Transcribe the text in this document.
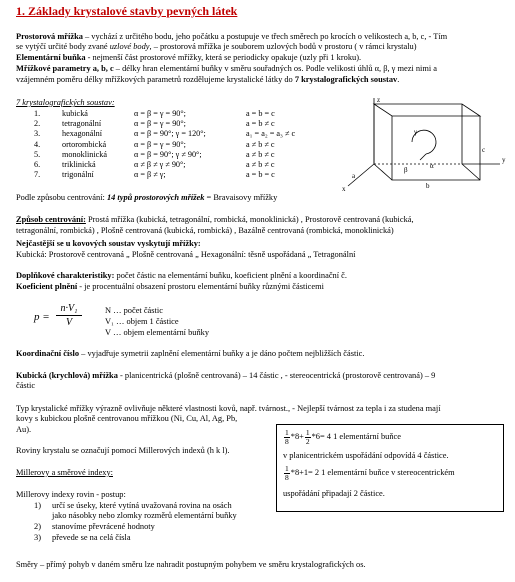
1. Základy krystalové stavby pevných látek
Prostorová mřížka – vychází z určitého bodu, jeho počátku a postupuje ve třech směrech po krocích o velikostech a, b, c, - Tím
se vytýčí určité body zvané uzlové body, – prostorová mřížka je souborem uzlových bodů v prostoru ( v rámci krystalu)
Elementární buňka - nejmenší část prostorové mřížky, která se periodicky opakuje (uzly při 1 kroku).
Mřížkové parametry a, b, c – délky hran elementární buňky v směru souřadných os. Podle velikosti úhlů α, β, γ mezi nimi a
vzájemném poměru délky mřížkových parametrů rozdělujeme krystalické látky do 7 krystalografických soustav.
7 krystalografických soustav:
1.	kubická	α = β = γ = 90°;	a = b = c
2.	tetragonální	α = β = γ = 90°;	a = b ≠ c
3.	hexagonální	α = β = 90°; γ = 120°;	a₁ = a₂ = a₃ ≠ c
4.	ortorombická	α = β = γ = 90°;	a ≠ b ≠ c
5.	monoklinická	α = β = 90°; γ ≠ 90°;	a ≠ b ≠ c
6.	triklinická	α ≠ β ≠ γ ≠ 90°;	a ≠ b ≠ c
7.	trigonální	α = β ≠ γ;	a = b = c
γ
α
β
c
b
a
x
y
z
Podle způsobu centrování: 14 typů prostorových mřížek = Bravaisovy mřížky
Způsob centrování: Prostá mřížka (kubická, tetragonální, rombická, monoklinická) , Prostorově centrovaná (kubická,
tetragonální, rombická) , Plošně centrovaná (kubická, rombická) , Bazálně centrovaná (rombická, monoklinická)
Nejčastější se u kovových soustav vyskytují mřížky:
Kubická: Prostorově centrovaná „ Plošně centrovaná „ Hexagonální: těsně uspořádaná „ Tetragonální
Doplňkové charakteristiky: počet částic na elementární buňku, koeficient plnění a koordinační č.
Koeficient plnění - je procentuální obsazení prostoru elementární buňky různými částicemi
p =
n·V₁
V
N … počet částic
V₁ … objem 1 částice
V … objem elementární buňky
Koordinační číslo – vyjadřuje symetrii zaplnění elementární buňky a je dáno počtem nejbližších částic.
Kubická (krychlová) mřížka - planicentrická (plošně centrovaná) – 14 částic , - stereocentrická (prostorově centrovaná) – 9
částic
Typ krystalické mřížky výrazně ovlivňuje některé vlastnosti kovů, např. tvárnost., - Nejlepší tvárnost za tepla i za studena mají
kovy s kubickou plošně centrovanou mřížkou (Ni, Cu, Al, Ag, Pb,
Au).	$\frac{1}{8} *8+ \frac{1}{2} *6= 4$ 1 elementární buňce
v planicentrickém uspořádání odpovídá 4 částice.
$\frac{1}{8} *8+1= 2$ 1 elementární buňce v stereocentrickém
uspořádání připadají 2 částice.
Roviny krystalu se označují pomocí Millerových indexů (h k l).
Millerovy a směrové indexy:
Millerovy indexy rovin - postup:
1) určí se úseky, které vytíná uvažovaná rovina na osách
jako násobky nebo zlomky rozměrů elementární buňky
2) stanovíme převrácené hodnoty
3) převede se na celá čísla
Směry – přímý pohyb v daném směru lze nahradit postupným pohybem ve směru krystalografických os.
